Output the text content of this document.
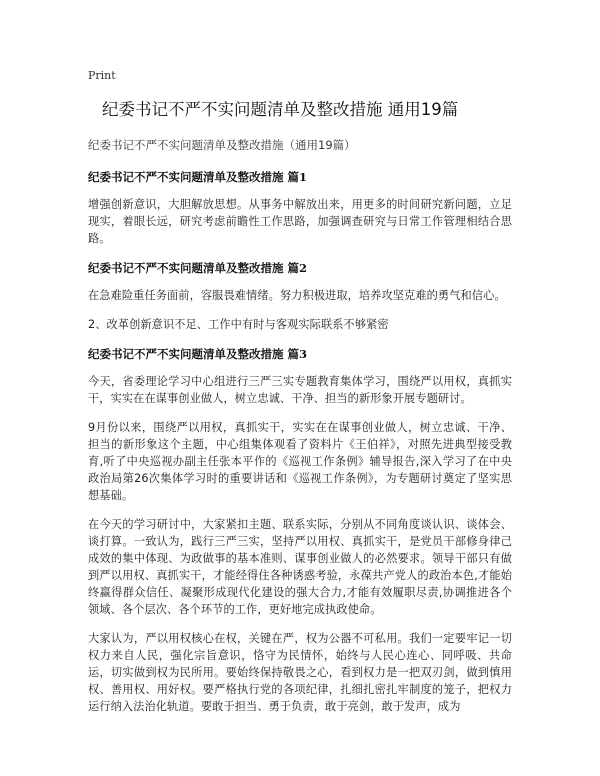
Print
纪委书记不严不实问题清单及整改措施 通用19篇

纪委书记不严不实问题清单及整改措施（通用19篇）

纪委书记不严不实问题清单及整改措施 篇1

增强创新意识，大胆解放思想。从事务中解放出来，用更多的时间研究新问题，立足现实，着眼长远，研究考虑前瞻性工作思路，加强调查研究与日常工作管理相结合思路。

纪委书记不严不实问题清单及整改措施 篇2

在急难险重任务面前，容服畏难情绪。努力积极进取，培养攻坚克难的勇气和信心。

2、改革创新意识不足、工作中有时与客观实际联系不够紧密

纪委书记不严不实问题清单及整改措施 篇3

今天，省委理论学习中心组进行三严三实专题教育集体学习，围绕严以用权，真抓实干，实实在在谋事创业做人，树立忠诚、干净、担当的新形象开展专题研讨。

9月份以来，围绕严以用权，真抓实干，实实在在谋事创业做人，树立忠诚、干净、担当的新形象这个主题，中心组集体观看了资料片《王伯祥》，对照先进典型接受教育,听了中央巡视办副主任张本平作的《巡视工作条例》辅导报告,深入学习了在中央政治局第26次集体学习时的重要讲话和《巡视工作条例》，为专题研讨奠定了坚实思想基础。

在今天的学习研讨中，大家紧扣主题、联系实际，分别从不同角度谈认识、谈体会、谈打算。一致认为，践行三严三实，坚持严以用权、真抓实干，是党员干部修身律己成效的集中体现、为政做事的基本准则、谋事创业做人的必然要求。领导干部只有做到严以用权、真抓实干，才能经得住各种诱惑考验，永葆共产党人的政治本色,才能始终赢得群众信任、凝聚形成现代化建设的强大合力,才能有效履职尽责,协调推进各个领域、各个层次、各个环节的工作，更好地完成执政使命。

大家认为，严以用权核心在权，关键在严，权为公器不可私用。我们一定要牢记一切权力来自人民，强化宗旨意识，恪守为民情怀，始终与人民心连心、同呼吸、共命运，切实做到权为民所用。要始终保持敬畏之心，看到权力是一把双刃剑，做到慎用权、善用权、用好权。要严格执行党的各项纪律，扎细扎密扎牢制度的笼子，把权力运行纳入法治化轨道。要敢于担当、勇于负责，敢于亮剑，敢于发声，成为
